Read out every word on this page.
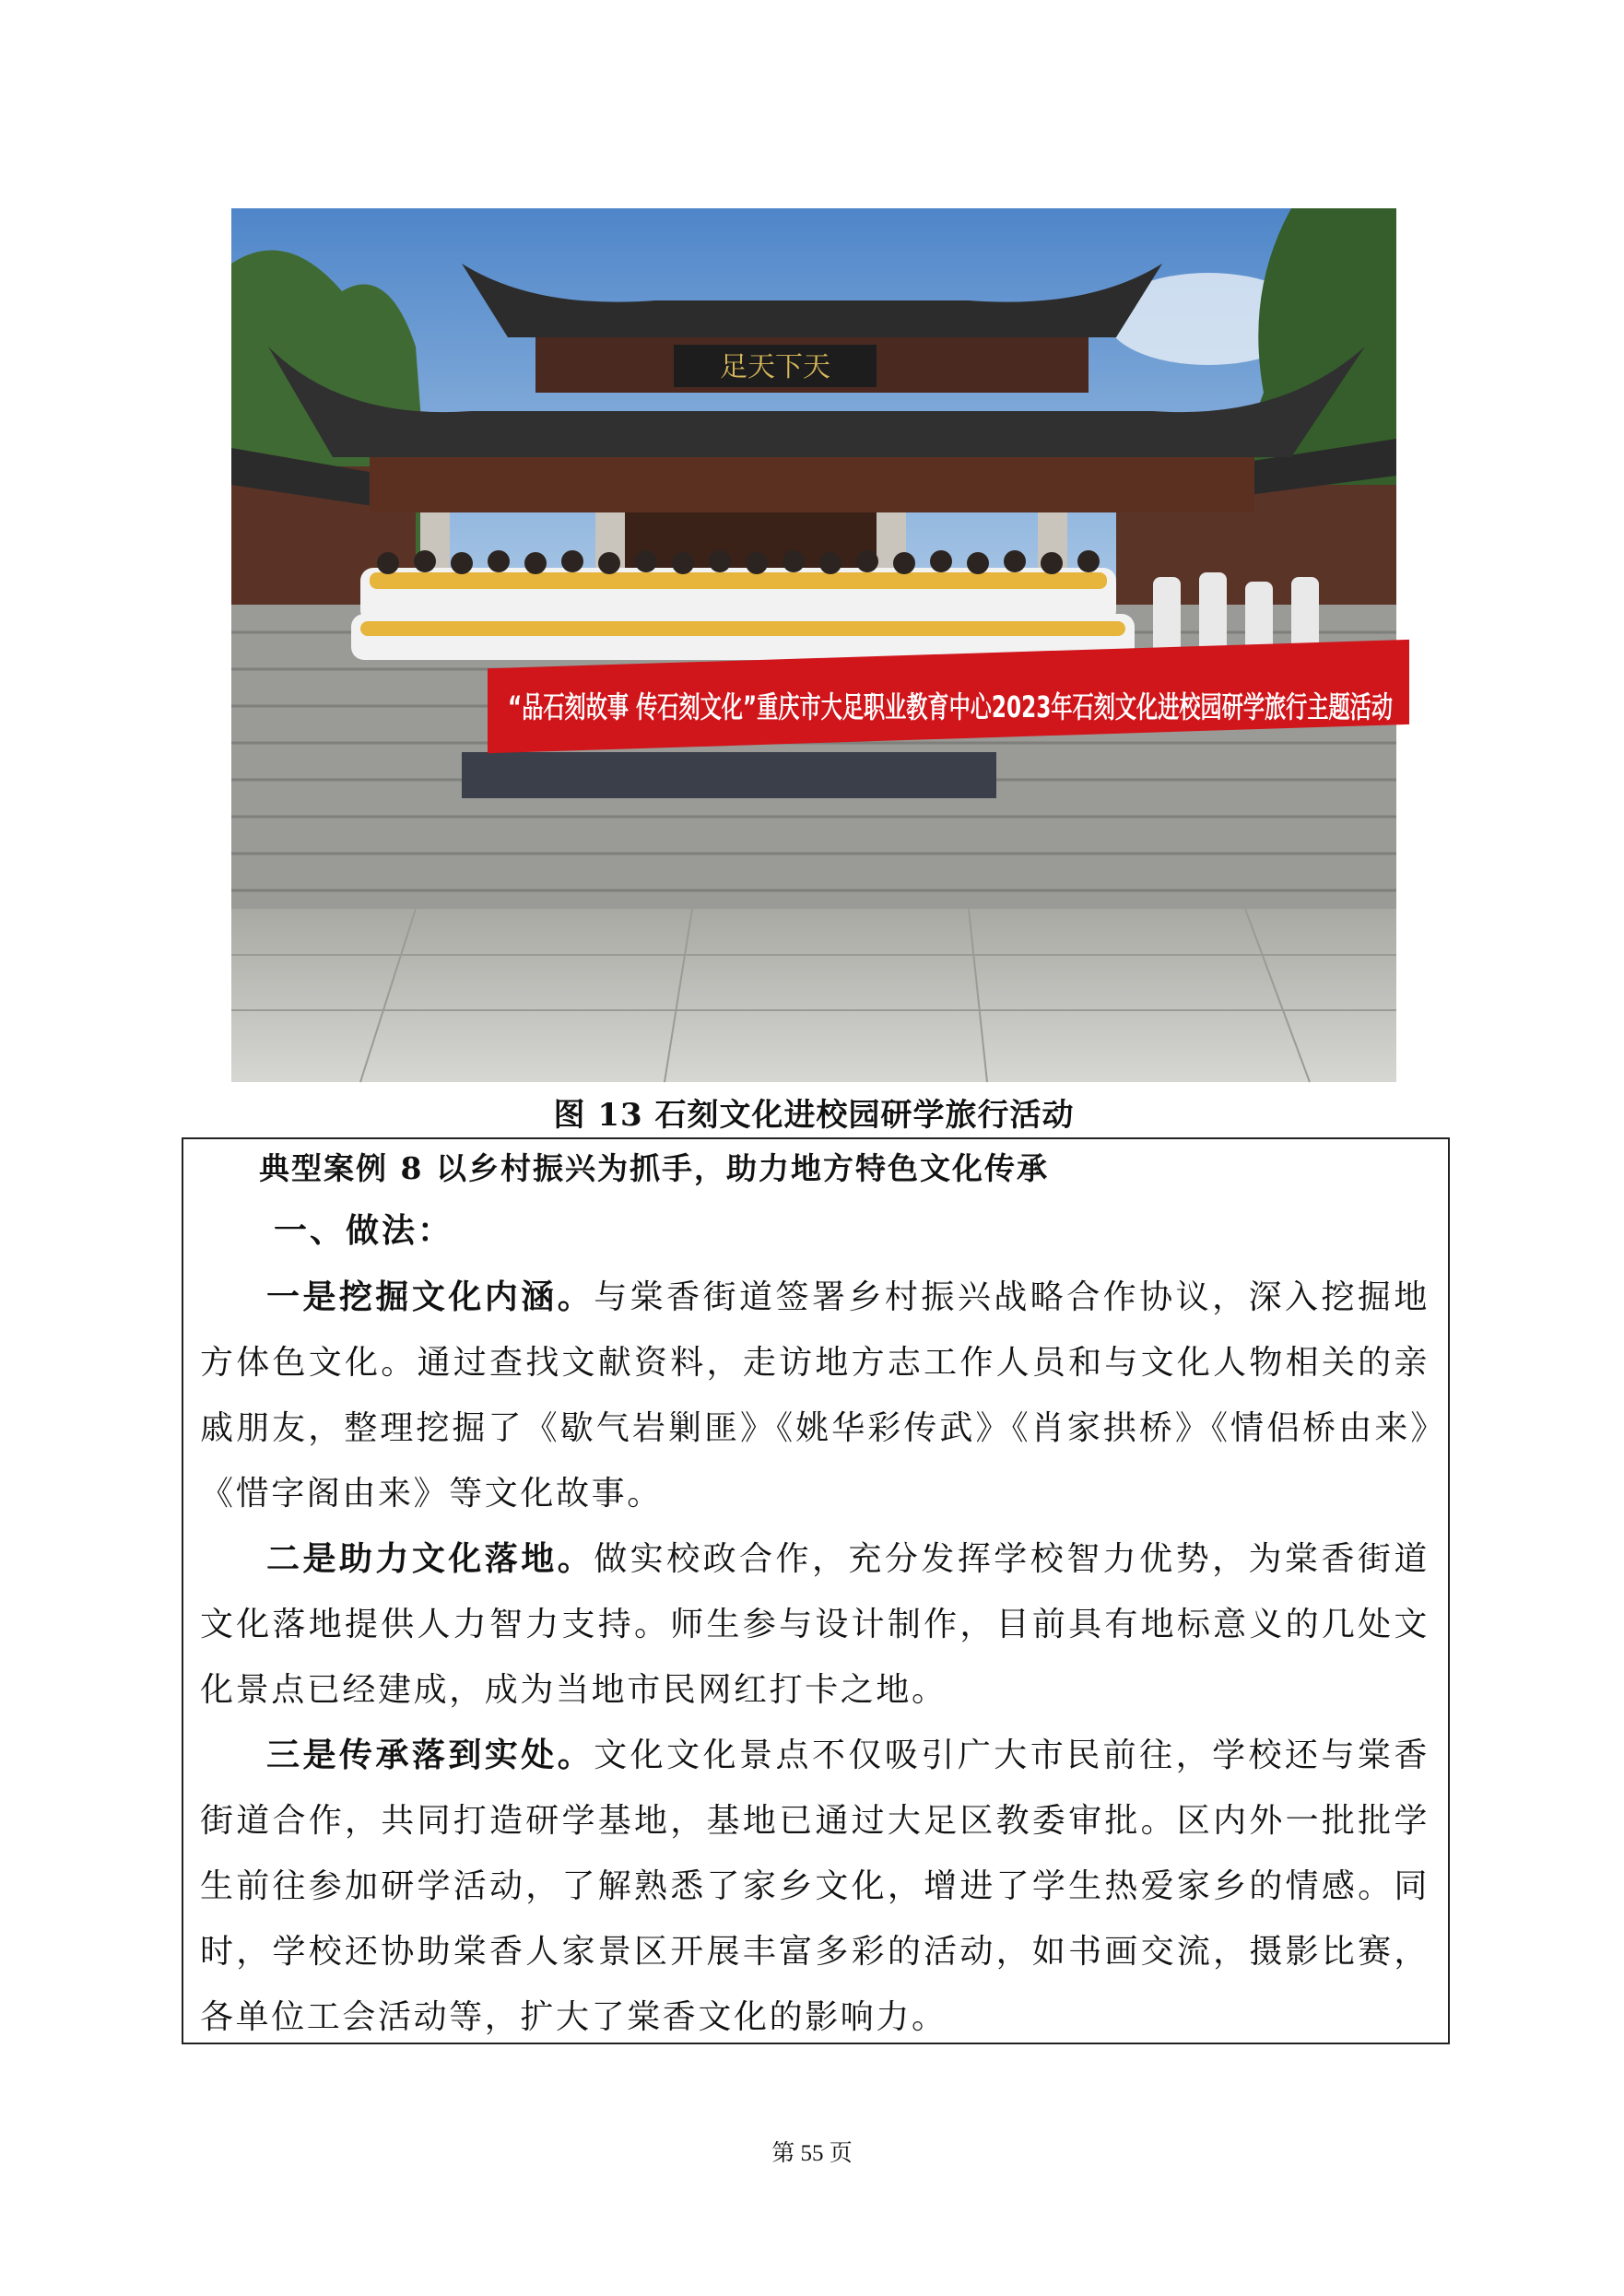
足天下天
“品石刻故事 传石刻文化”重庆市大足职业教育中心2023年石刻文化进校园研学旅行主题活动
图 13 石刻文化进校园研学旅行活动
典型案例 8 以乡村振兴为抓手，助力地方特色文化传承
一、做法：

一是挖掘文化内涵。与棠香街道签署乡村振兴战略合作协议，深入挖掘地方体色文化。通过查找文献资料，走访地方志工作人员和与文化人物相关的亲戚朋友，整理挖掘了《歇气岩剿匪》《姚华彩传武》《肖家拱桥》《情侣桥由来》《惜字阁由来》等文化故事。

二是助力文化落地。做实校政合作，充分发挥学校智力优势，为棠香街道文化落地提供人力智力支持。师生参与设计制作，目前具有地标意义的几处文化景点已经建成，成为当地市民网红打卡之地。

三是传承落到实处。文化文化景点不仅吸引广大市民前往，学校还与棠香街道合作，共同打造研学基地，基地已通过大足区教委审批。区内外一批批学生前往参加研学活动，了解熟悉了家乡文化，增进了学生热爱家乡的情感。同时，学校还协助棠香人家景区开展丰富多彩的活动，如书画交流，摄影比赛，各单位工会活动等，扩大了棠香文化的影响力。

第 55 页
